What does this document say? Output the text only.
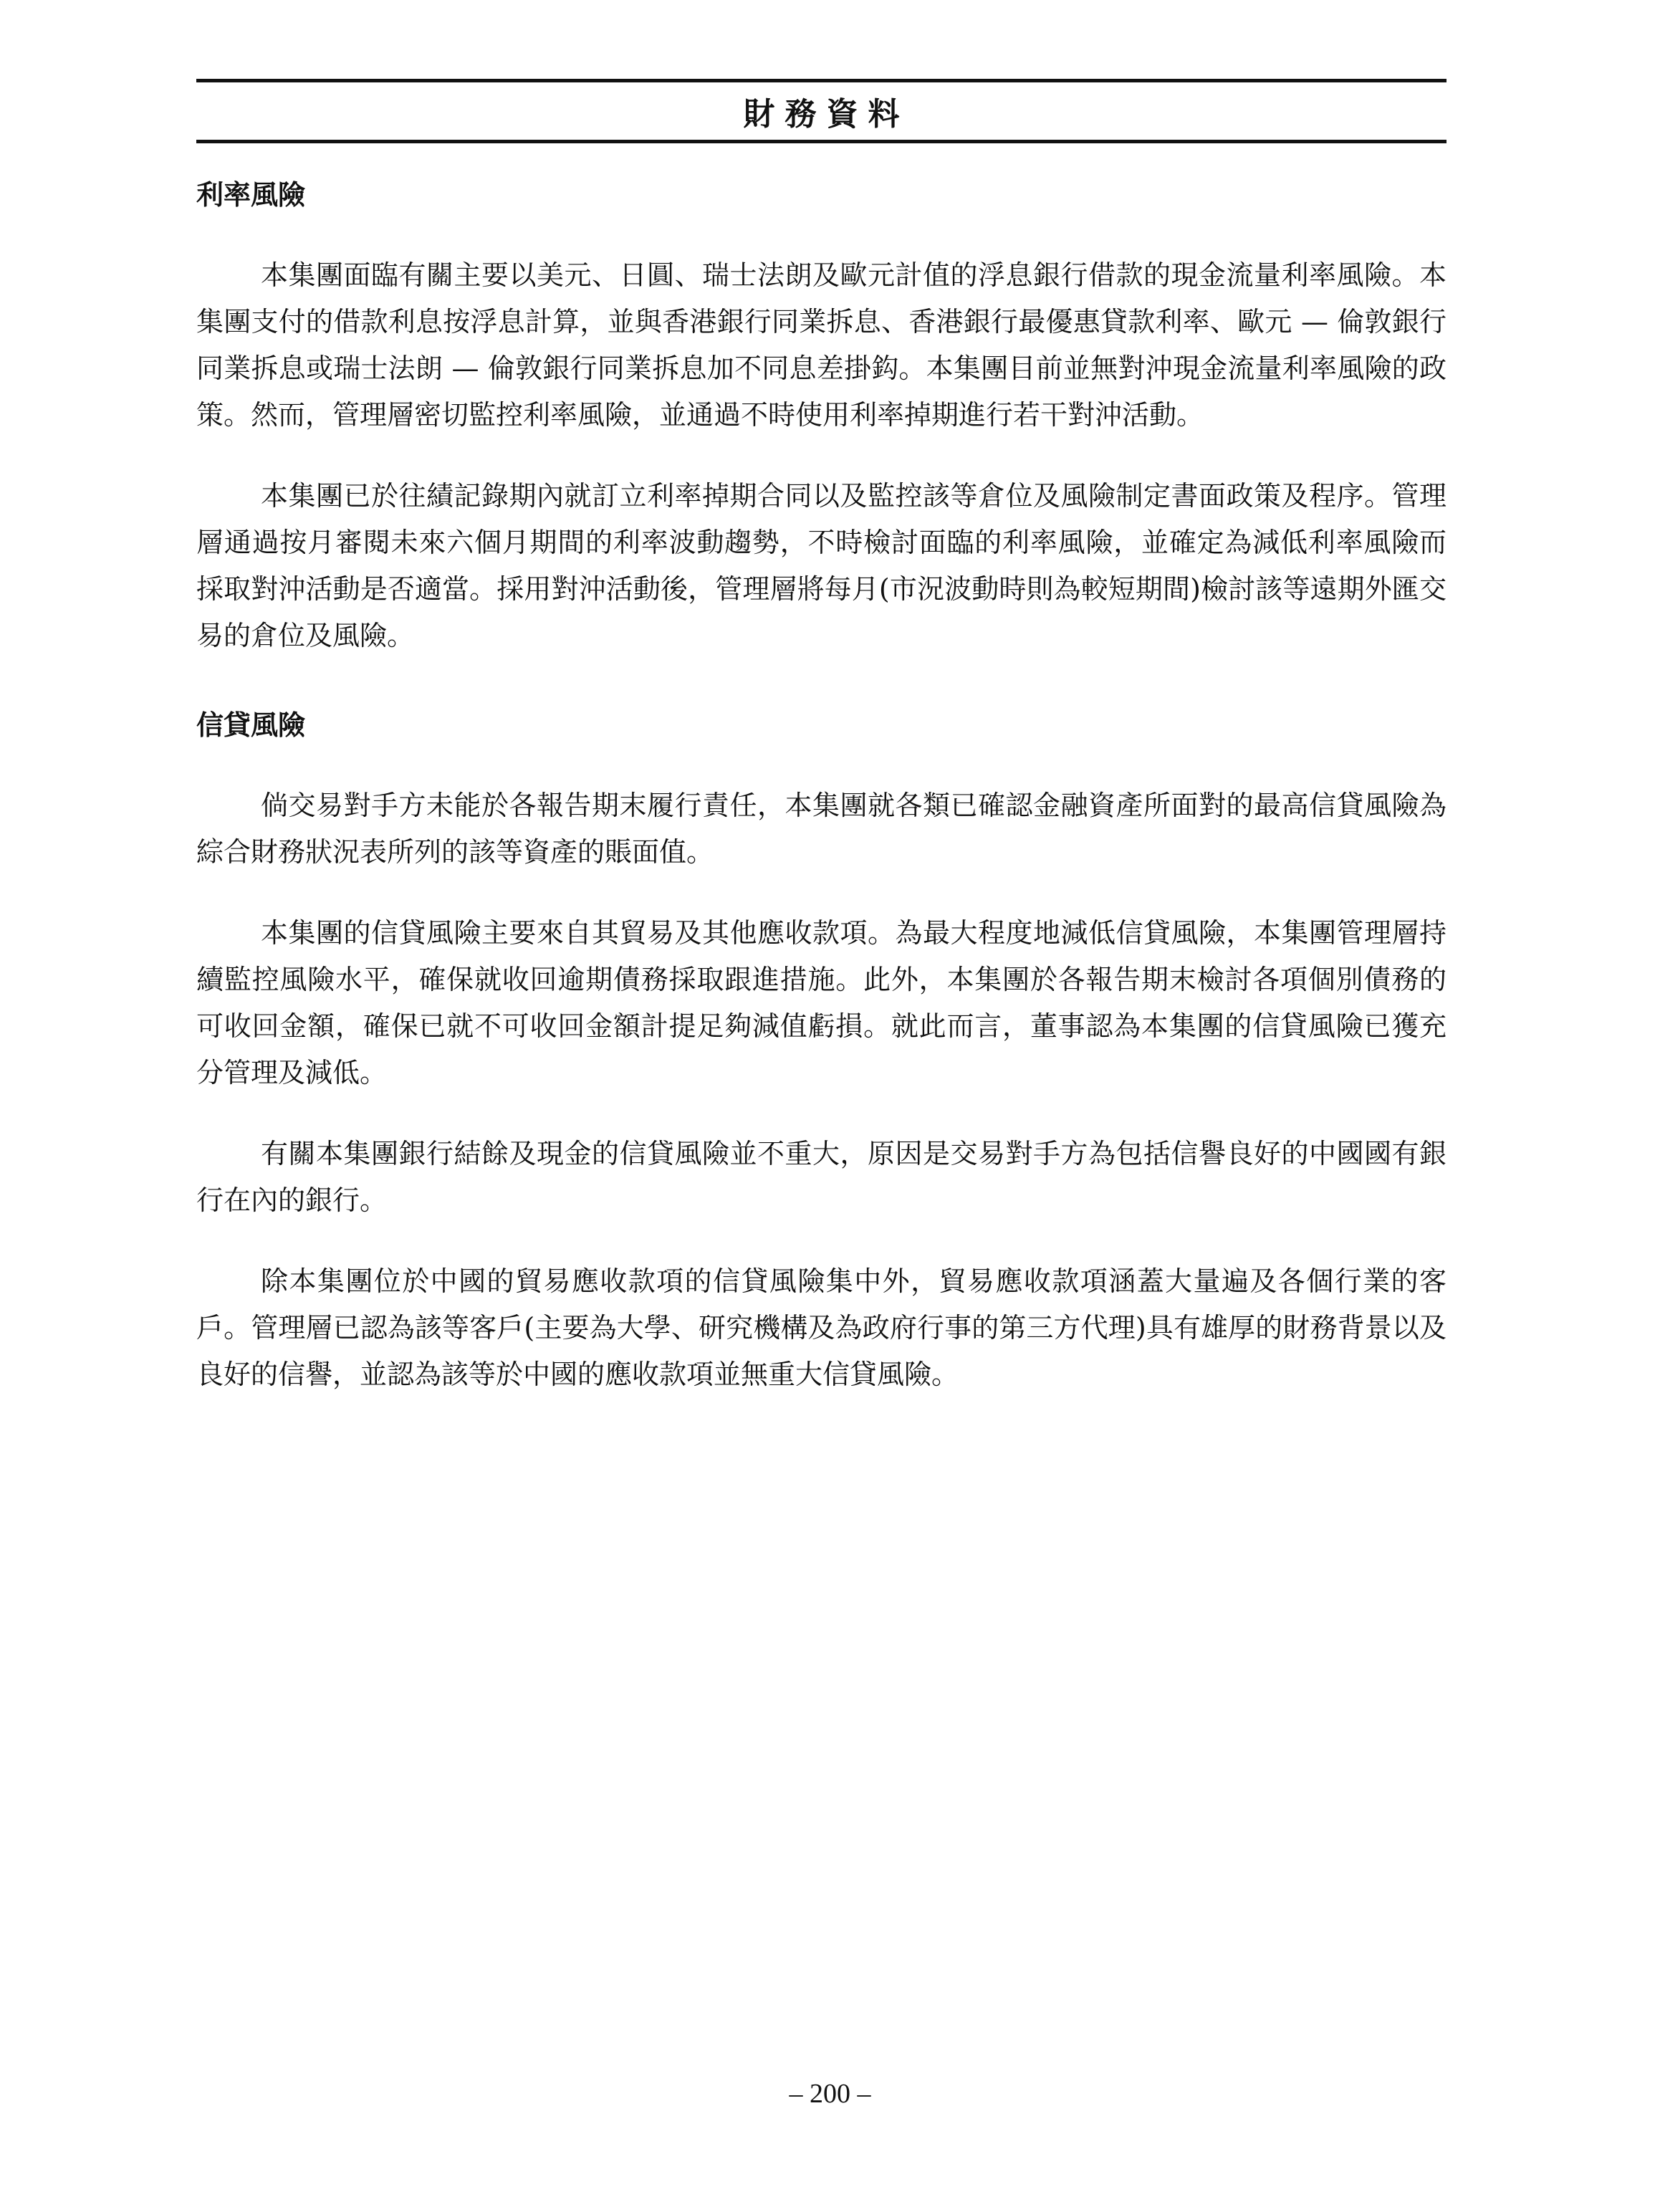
財務資料
利率風險

本集團面臨有關主要以美元、日圓、瑞士法朗及歐元計值的浮息銀行借款的現金流量利率風險。本集團支付的借款利息按浮息計算，並與香港銀行同業拆息、香港銀行最優惠貸款利率、歐元 — 倫敦銀行同業拆息或瑞士法朗 — 倫敦銀行同業拆息加不同息差掛鈎。本集團目前並無對沖現金流量利率風險的政策。然而，管理層密切監控利率風險，並通過不時使用利率掉期進行若干對沖活動。

本集團已於往績記錄期內就訂立利率掉期合同以及監控該等倉位及風險制定書面政策及程序。管理層通過按月審閱未來六個月期間的利率波動趨勢，不時檢討面臨的利率風險，並確定為減低利率風險而採取對沖活動是否適當。採用對沖活動後，管理層將每月(市況波動時則為較短期間)檢討該等遠期外匯交易的倉位及風險。

信貸風險

倘交易對手方未能於各報告期末履行責任，本集團就各類已確認金融資產所面對的最高信貸風險為綜合財務狀況表所列的該等資產的賬面值。

本集團的信貸風險主要來自其貿易及其他應收款項。為最大程度地減低信貸風險，本集團管理層持續監控風險水平，確保就收回逾期債務採取跟進措施。此外，本集團於各報告期末檢討各項個別債務的可收回金額，確保已就不可收回金額計提足夠減值虧損。就此而言，董事認為本集團的信貸風險已獲充分管理及減低。

有關本集團銀行結餘及現金的信貸風險並不重大，原因是交易對手方為包括信譽良好的中國國有銀行在內的銀行。

除本集團位於中國的貿易應收款項的信貸風險集中外，貿易應收款項涵蓋大量遍及各個行業的客戶。管理層已認為該等客戶(主要為大學、研究機構及為政府行事的第三方代理)具有雄厚的財務背景以及良好的信譽，並認為該等於中國的應收款項並無重大信貸風險。

– 200 –
